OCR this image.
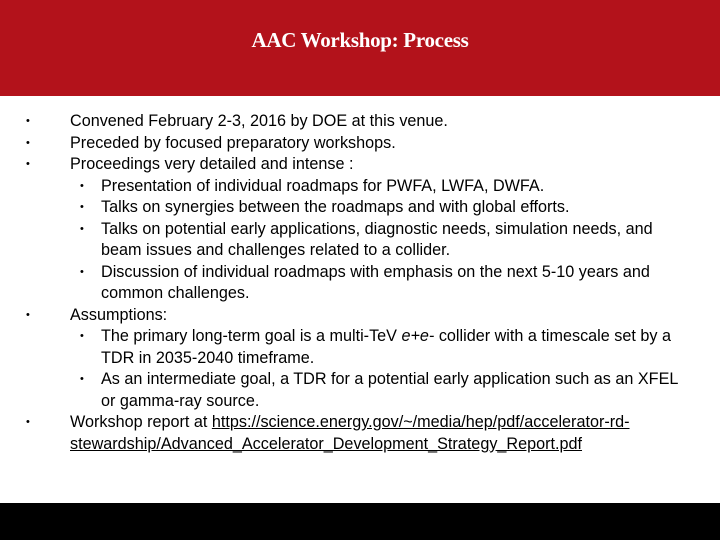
AAC Workshop: Process
•	Convened February 2-3, 2016 by DOE at this venue.
•	Preceded by focused preparatory workshops.
•	Proceedings very detailed and intense :
•	Presentation of individual roadmaps for PWFA, LWFA, DWFA.
•	Talks on synergies between the roadmaps and with global efforts.
•	Talks on potential early applications, diagnostic needs, simulation needs, and beam issues and challenges related to a collider.
•	Discussion of individual roadmaps with emphasis on the next 5-10 years and common challenges.
•	Assumptions:
•	The primary long-term goal is a multi-TeV e+e- collider with a timescale set by a TDR in 2035-2040 timeframe.
•	As an intermediate goal, a TDR for a potential early application such as an XFEL or gamma-ray source.
•	Workshop report at https://science.energy.gov/~/media/hep/pdf/accelerator-rd-stewardship/Advanced_Accelerator_Development_Strategy_Report.pdf
